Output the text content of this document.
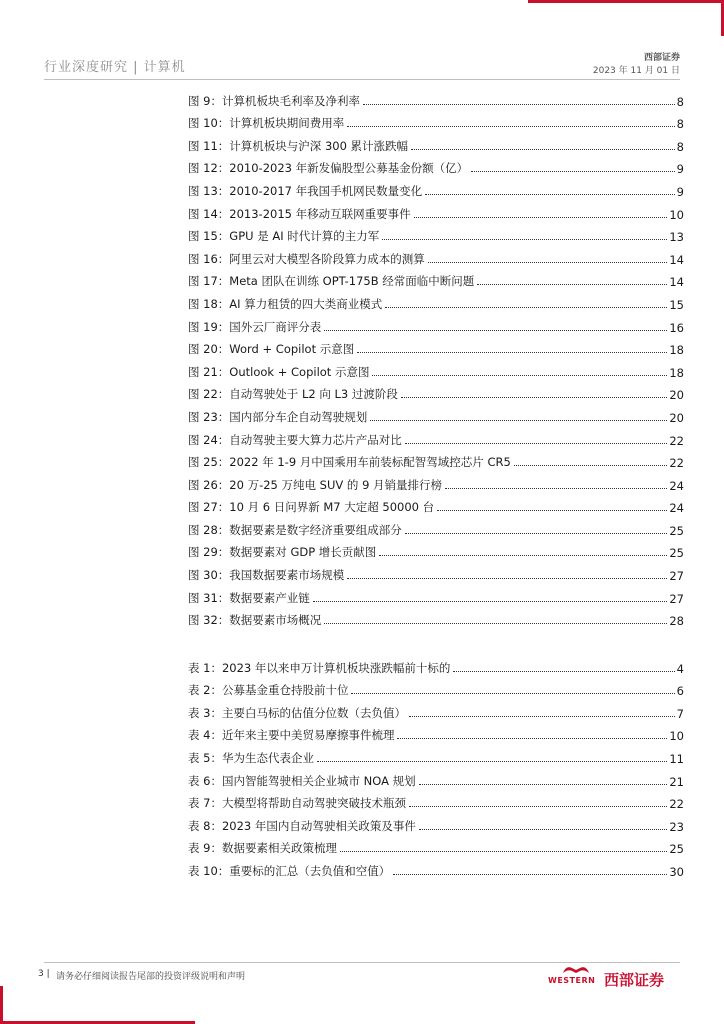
行业深度研究 | 计算机
西部证券
2023 年 11 月 01 日
图 9：计算机板块毛利率及净利率	8
图 10：计算机板块期间费用率	8
图 11：计算机板块与沪深 300 累计涨跌幅	8
图 12：2010-2023 年新发偏股型公募基金份额（亿）	9
图 13：2010-2017 年我国手机网民数量变化	9
图 14：2013-2015 年移动互联网重要事件	10
图 15：GPU 是 AI 时代计算的主力军	13
图 16：阿里云对大模型各阶段算力成本的测算	14
图 17：Meta 团队在训练 OPT-175B 经常面临中断问题	14
图 18：AI 算力租赁的四大类商业模式	15
图 19：国外云厂商评分表	16
图 20：Word + Copilot 示意图	18
图 21：Outlook + Copilot 示意图	18
图 22：自动驾驶处于 L2 向 L3 过渡阶段	20
图 23：国内部分车企自动驾驶规划	20
图 24：自动驾驶主要大算力芯片产品对比	22
图 25：2022 年 1-9 月中国乘用车前装标配智驾域控芯片 CR5	22
图 26：20 万-25 万纯电 SUV 的 9 月销量排行榜	24
图 27：10 月 6 日问界新 M7 大定超 50000 台	24
图 28：数据要素是数字经济重要组成部分	25
图 29：数据要素对 GDP 增长贡献图	25
图 30：我国数据要素市场规模	27
图 31：数据要素产业链	27
图 32：数据要素市场概况	28
表 1：2023 年以来申万计算机板块涨跌幅前十标的	4
表 2：公募基金重仓持股前十位	6
表 3：主要白马标的估值分位数（去负值）	7
表 4：近年来主要中美贸易摩擦事件梳理	10
表 5：华为生态代表企业	11
表 6：国内智能驾驶相关企业城市 NOA 规划	21
表 7：大模型将帮助自动驾驶突破技术瓶颈	22
表 8：2023 年国内自动驾驶相关政策及事件	23
表 9：数据要素相关政策梳理	25
表 10：重要标的汇总（去负值和空值）	30
3 | 请务必仔细阅读报告尾部的投资评级说明和声明	WESTERN 西部证券
